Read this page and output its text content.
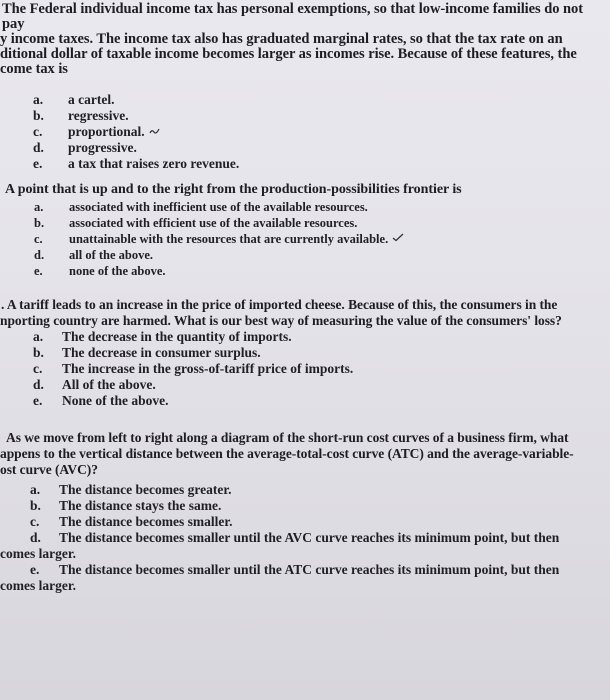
The Federal individual income tax has personal exemptions, so that low-income families do not pay
y income taxes. The income tax also has graduated marginal rates, so that the tax rate on an
ditional dollar of taxable income becomes larger as incomes rise. Because of these features, the
come tax is

a. a cartel.
b. regressive.
c. proportional.
d. progressive.
e. a tax that raises zero revenue.

A point that is up and to the right from the production-possibilities frontier is

a. associated with inefficient use of the available resources.
b. associated with efficient use of the available resources.
c. unattainable with the resources that are currently available.
d. all of the above.
e. none of the above.

. A tariff leads to an increase in the price of imported cheese. Because of this, the consumers in the
nporting country are harmed. What is our best way of measuring the value of the consumers' loss?

a. The decrease in the quantity of imports.
b. The decrease in consumer surplus.
c. The increase in the gross-of-tariff price of imports.
d. All of the above.
e. None of the above.

As we move from left to right along a diagram of the short-run cost curves of a business firm, what
appens to the vertical distance between the average-total-cost curve (ATC) and the average-variable-
ost curve (AVC)?

a. The distance becomes greater.
b. The distance stays the same.
c. The distance becomes smaller.
d. The distance becomes smaller until the AVC curve reaches its minimum point, but then
comes larger.
e. The distance becomes smaller until the ATC curve reaches its minimum point, but then
comes larger.
